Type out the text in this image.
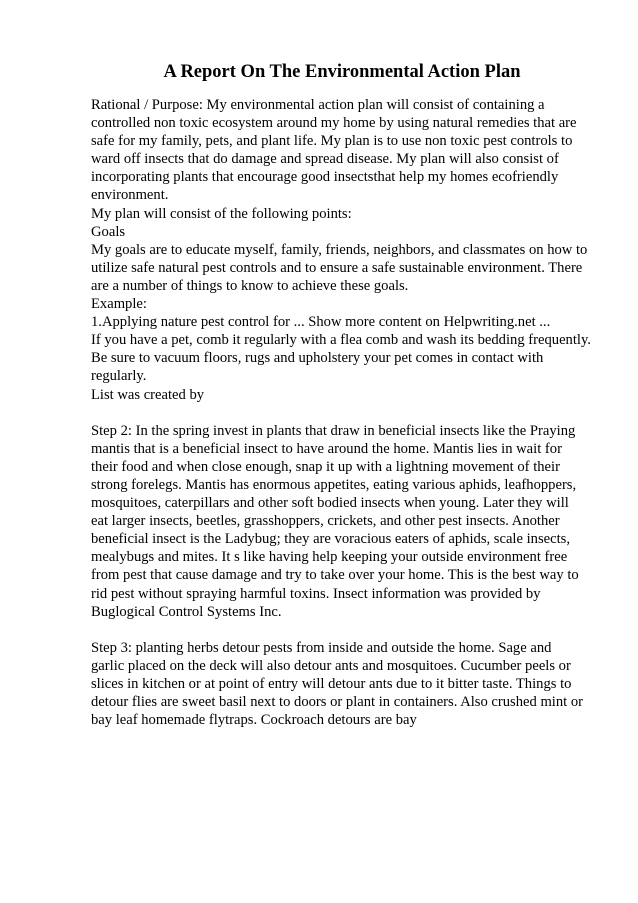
A Report On The Environmental Action Plan
Rational / Purpose: My environmental action plan will consist of containing a
controlled non toxic ecosystem around my home by using natural remedies that are
safe for my family, pets, and plant life. My plan is to use non toxic pest controls to
ward off insects that do damage and spread disease. My plan will also consist of
incorporating plants that encourage good insectsthat help my homes ecofriendly
environment.
My plan will consist of the following points:
Goals
My goals are to educate myself, family, friends, neighbors, and classmates on how to
utilize safe natural pest controls and to ensure a safe sustainable environment. There
are a number of things to know to achieve these goals.
Example:
1.Applying nature pest control for ... Show more content on Helpwriting.net ...
If you have a pet, comb it regularly with a flea comb and wash its bedding frequently.
Be sure to vacuum floors, rugs and upholstery your pet comes in contact with
regularly.
List was created by
Step 2: In the spring invest in plants that draw in beneficial insects like the Praying
mantis that is a beneficial insect to have around the home. Mantis lies in wait for
their food and when close enough, snap it up with a lightning movement of their
strong forelegs. Mantis has enormous appetites, eating various aphids, leafhoppers,
mosquitoes, caterpillars and other soft bodied insects when young. Later they will
eat larger insects, beetles, grasshoppers, crickets, and other pest insects. Another
beneficial insect is the Ladybug; they are voracious eaters of aphids, scale insects,
mealybugs and mites. It s like having help keeping your outside environment free
from pest that cause damage and try to take over your home. This is the best way to
rid pest without spraying harmful toxins. Insect information was provided by
Buglogical Control Systems Inc.
Step 3: planting herbs detour pests from inside and outside the home. Sage and
garlic placed on the deck will also detour ants and mosquitoes. Cucumber peels or
slices in kitchen or at point of entry will detour ants due to it bitter taste. Things to
detour flies are sweet basil next to doors or plant in containers. Also crushed mint or
bay leaf homemade flytraps. Cockroach detours are bay
